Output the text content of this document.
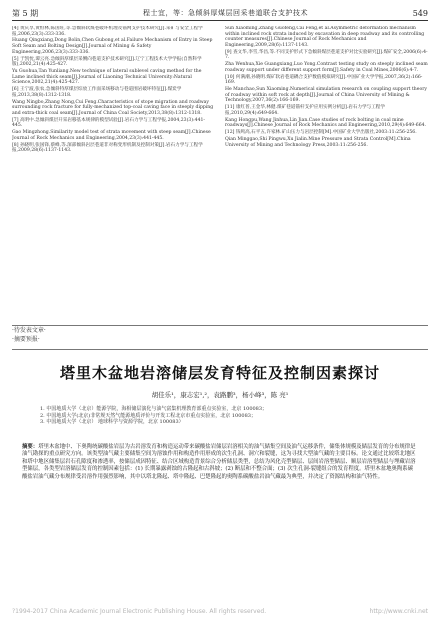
第 5 期	程士宜，等：急倾斜厚煤层回采巷道联合支护技术	549
[4] 黄庆享,黄恒林,陈国旺,等.急倾斜软煤巷破坏机理及锚网支护技术研究[J].采矿与安全工程学报,2006,23(3):333-336.
Huang Qingxiang,Dong Bolin,Chen Gubong,et al.Failure Mechanism of Entry in Steep Soft Seam and Bolting Design[J].Journal of Mining & Safety Engineering,2006,23(3):333-336.
[5] 于凯忱,谭云亮.急倾斜厚煤层采侧向巷道支护技术研究[J].辽宁工程技术大学学报(自然科学版),2002,21(4):425-427.
Yu Guohua,Tan Yunliang.New technique of lateral sublevel caving method for the Lame inclined thick seam[J].Journal of Liaoning Technical University:Natural Science,2002,21(4):425-427.
[6] 王宁波,张农,急倾斜特厚煤层综放工作面采场移动与巷道围岩破坏特征[J].煤炭学报,2013,38(8):1312-1318.
Wang Ningbo,Zhang Nong,Cui Feng.Characteristics of stope migration and roadway surrounding rock fracture for fully-mechanized top-coal caving face in steeply dipping and extra-thick coal seam[J].Journal of China Coal Society,2013,38(8):1312-1318.
[7] 高明中.急倾斜煤层开采岩移基本规律的模型试验[J].岩石力学与工程学报,2004,23(3):441-445.
Gao Mingzhong.Similarity model test of strata movement with steep seam[J].Chinese Journal of Rock Mechanics and Engineering,2004,23(3):441-445.
[8] 孙晓明,张国锋,蔡峰,等.深部倾斜岩层巷道非对称变形机制及控制对策[J].岩石力学与工程学报,2009,28(6):1137-1143.
Sun Xiaoming,Zhang Guofeng,Cai Feng,et al.Asymmetric deformation mechanism within inclined rock strata induced by excavation in deep roadway and its controlling counter measures[J].Chinese Journal of Rock Mechanics and Engineering,2009,28(6):1137-1143.
[9] 查文华,李雪,华昌,等.不同支护形式下急倾斜煤层巷道支护对比实验研究[J].煤矿安全,2006(6):4-7.
Zha Wenhua,Xie Guangxiang,Luo Yong.Contrast testing study on steeply inclined seam roadway support under different support form[J].Safety in Coal Mines,2006(6):4-7.
[10] 何满潮,孙晓明.煤矿软岩巷道耦合支护数值模拟研究[J].中国矿业大学学报,2007,36(2):166-169.
He Manchao,Sun Xiaoming.Numerical simulation research on coupling support theory of roadway within soft rock at depth[J].Journal of China University of Mining & Technology,2007,36(2):166-169.
[11] 康红普,王金华,林健.煤矿巷道锚杆支护应用实例分析[J].岩石力学与工程学报,2010,29(4):649-664.
Kang Hongpu,Wang Jinhua,Lin Jian.Case studies of rock bolting in coal mine roadways[J].Chinese Journal of Rock Mechanics and Engineering,2010,29(4):649-664.
[12] 钱鸣高,石平五,许家林.矿山压力与岩层控制[M].中国矿业大学出版社,2003:11:256-256.
Qian Minggao,Shi Pingwu,Xu Jialin.Mine Pressure and Strata Control[M].China University of Mining and Technology Press,2003:11:256-256.
·待发表文章·
·摘要预报·
塔里木盆地岩溶储层发育特征及控制因素探讨
胡佳乐¹，康志宏¹,²，袁路鹏³，杨小峰³，陈 亮¹
1. 中国地质大学（北京）能源学院，海相储层演化与油气富集机理教育部重点实验室，北京 100083；
2. 中国地质大学(北京)非常规天然气能源地质评价与开发工程北京市重点实验室，北京 100083；
3. 中国地质大学（北京） 地球科学与资源学院，北京 100083）
摘要：塔里木盆地中、下奥陶统碳酸盐岩层为古岩溶发育和构造运动带来碳酸盐岩储层岩溶相关的油气储集空间及油气运移条件，储集体规模及储层发育的分布规律是油气勘探的重点研究方向。该类型油气藏主要储集空间为溶蚀作用和构造作用形成的次生孔洞、洞穴和裂缝，这为寻找大型油气藏的主要目标。论文通过比较塔北地区和塔中地区储集层岩石孔隙度和渗透率，按储层成因特征、结合区域构造背景综合分析储层类型，总结为风化壳型储层、层间岩溶型储层、顺层岩溶型储层与埋藏岩溶型储层，各类型岩溶储层发育的控制因素包括：(1) 长期暴露剥蚀的古隆起和古斜坡；(2) 断层和不整合面；(3) 次生孔洞-裂缝组合的发育程度。塔里木盆地奥陶系碳酸盐岩油气藏分布规律受岩溶作用强烈影响，其中以塔北隆起、塔中隆起、巴楚隆起的奥陶系碳酸盐岩油气藏最为典型，并决定了资源结构和油气特性。
?1994-2017 China Academic Journal Electronic Publishing House. All rights reserved.	http://www.cnki.net
